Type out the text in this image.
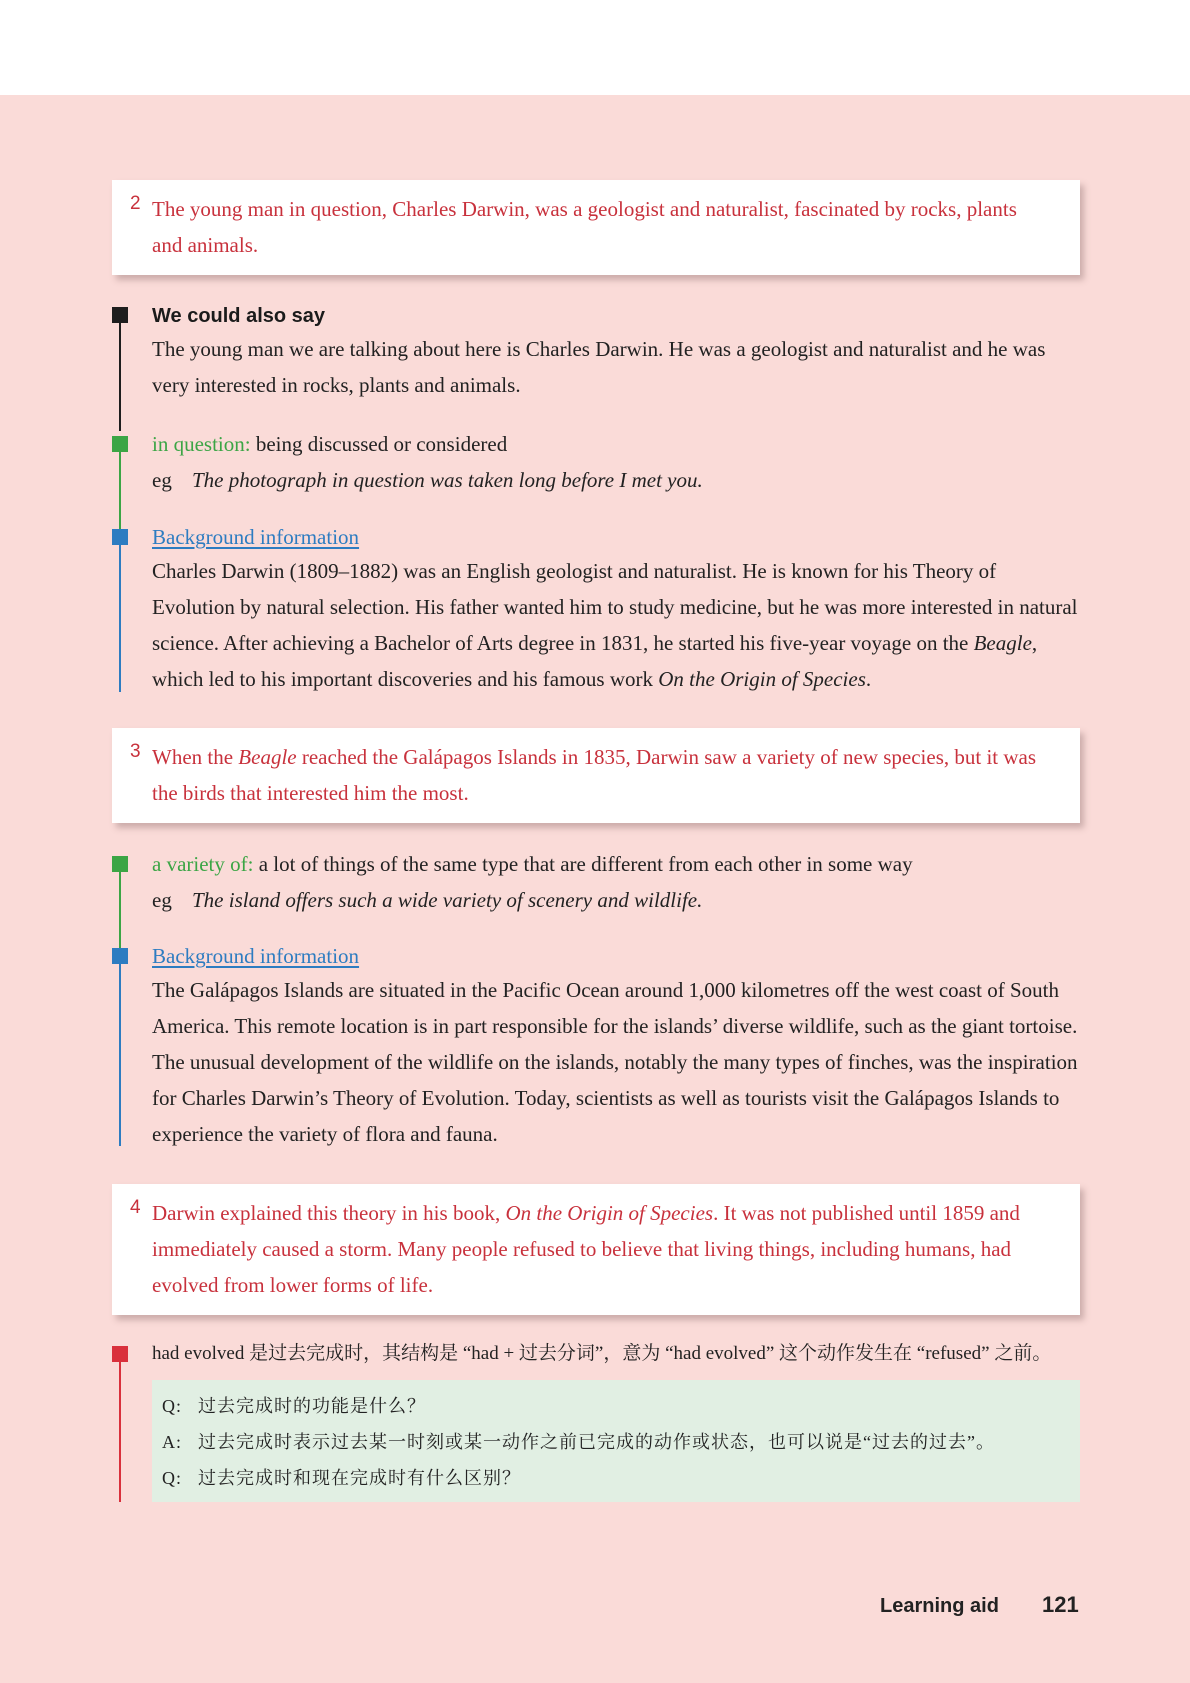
2 The young man in question, Charles Darwin, was a geologist and naturalist, fascinated by rocks, plants and animals.

We could also say

The young man we are talking about here is Charles Darwin. He was a geologist and naturalist and he was very interested in rocks, plants and animals.

in question: being discussed or considered
eg The photograph in question was taken long before I met you.
Background information

Charles Darwin (1809–1882) was an English geologist and naturalist. He is known for his Theory of Evolution by natural selection. His father wanted him to study medicine, but he was more interested in natural science. After achieving a Bachelor of Arts degree in 1831, he started his five-year voyage on the Beagle, which led to his important discoveries and his famous work On the Origin of Species.

3 When the Beagle reached the Galápagos Islands in 1835, Darwin saw a variety of new species, but it was the birds that interested him the most.

a variety of: a lot of things of the same type that are different from each other in some way
eg The island offers such a wide variety of scenery and wildlife.
Background information

The Galápagos Islands are situated in the Pacific Ocean around 1,000 kilometres off the west coast of South America. This remote location is in part responsible for the islands’ diverse wildlife, such as the giant tortoise. The unusual development of the wildlife on the islands, notably the many types of finches, was the inspiration for Charles Darwin’s Theory of Evolution. Today, scientists as well as tourists visit the Galápagos Islands to experience the variety of flora and fauna.

4 Darwin explained this theory in his book, On the Origin of Species. It was not published until 1859 and immediately caused a storm. Many people refused to believe that living things, including humans, had evolved from lower forms of life.

had evolved 是过去完成时，其结构是 “had + 过去分词”，意为 “had evolved” 这个动作发生在 “refused” 之前。
Q: 过去完成时的功能是什么？
A: 过去完成时表示过去某一时刻或某一动作之前已完成的动作或状态，也可以说是“过去的过去”。
Q: 过去完成时和现在完成时有什么区别？
Learning aid 121
